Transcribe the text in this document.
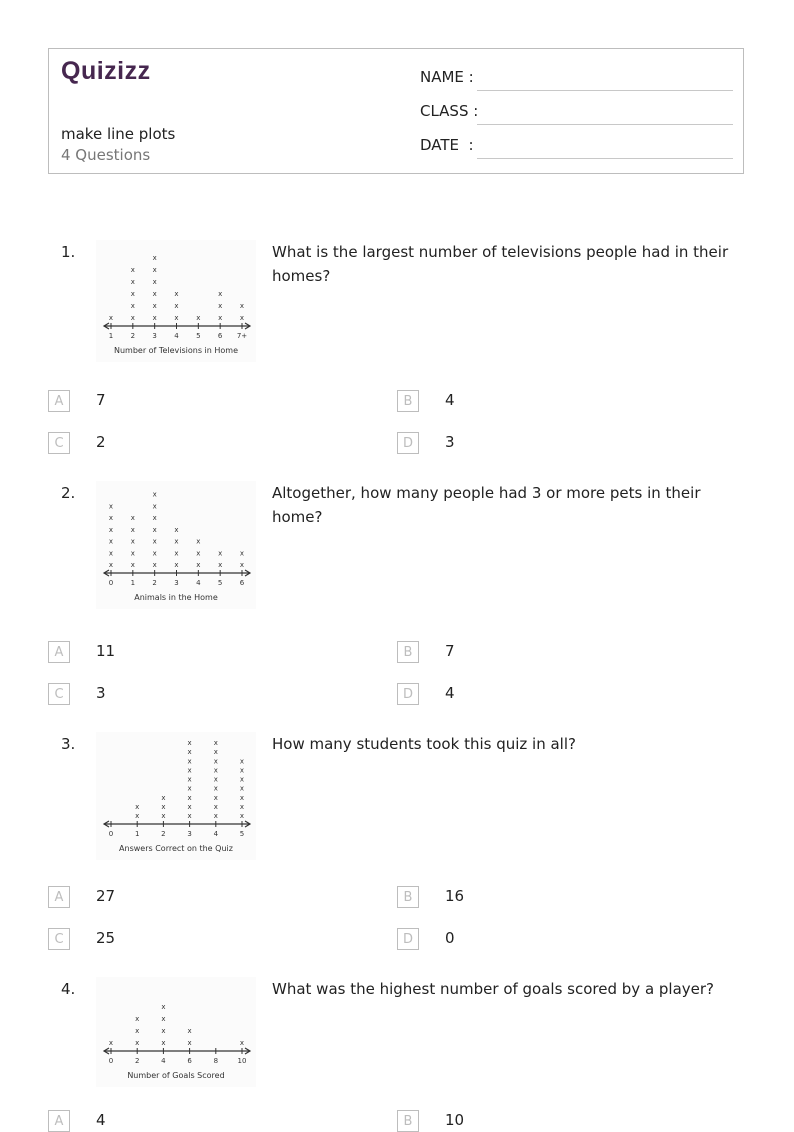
Quizizz
make line plots
4 Questions
NAME :
CLASS :
DATE  :
1.
1
x
2
x
x
x
x
x
3
x
x
x
x
x
x
4
x
x
x
5
x
6
x
x
x
7+
x
x
Number of Televisions in Home
What is the largest number of televisions people had in their homes?
A	7	B	4
C	2	D	3
2.
0
x
x
x
x
x
x
1
x
x
x
x
x
2
x
x
x
x
x
x
x
3
x
x
x
x
4
x
x
x
5
x
x
6
x
x
Animals in the Home
Altogether, how many people had 3 or more pets in their home?
A	11	B	7
C	3	D	4
3.
0	1
x
x
2
x
x
x
3
x
x
x
x
x
x
x
x
x
4
x
x
x
x
x
x
x
x
x
5
x
x
x
x
x
x
x
Answers Correct on the Quiz
How many students took this quiz in all?
A	27	B	16
C	25	D	0
4.
0
x
2
x
x
x
4
x
x
x
x
6
x
x
8	10
x
Number of Goals Scored
What was the highest number of goals scored by a player?
A	4	B	10
